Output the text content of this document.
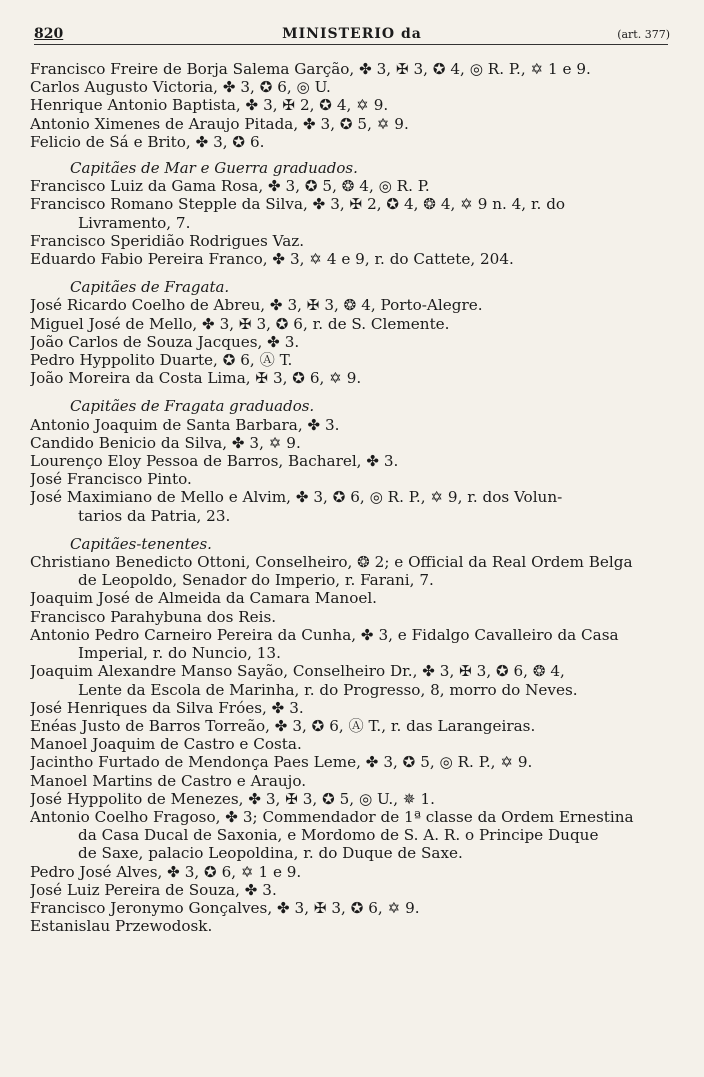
820	MINISTERIO da	(art. 377)
Francisco Freire de Borja Salema Garção, ✤ 3, ✠ 3, ✪ 4, ◎ R. P., ✡ 1 e 9.
Carlos Augusto Victoria, ✤ 3, ✪ 6, ◎ U.
Henrique Antonio Baptista, ✤ 3, ✠ 2, ✪ 4, ✡ 9.
Antonio Ximenes de Araujo Pitada, ✤ 3, ✪ 5, ✡ 9.
Felicio de Sá e Brito, ✤ 3, ✪ 6.
Capitães de Mar e Guerra graduados.
Francisco Luiz da Gama Rosa, ✤ 3, ✪ 5, ❂ 4, ◎ R. P.
Francisco Romano Stepple da Silva, ✤ 3, ✠ 2, ✪ 4, ❂ 4, ✡ 9 n. 4, r. do
Livramento, 7.
Francisco Speridião Rodrigues Vaz.
Eduardo Fabio Pereira Franco, ✤ 3, ✡ 4 e 9, r. do Cattete, 204.
Capitães de Fragata.
José Ricardo Coelho de Abreu, ✤ 3, ✠ 3, ❂ 4, Porto-Alegre.
Miguel José de Mello, ✤ 3, ✠ 3, ✪ 6, r. de S. Clemente.
João Carlos de Souza Jacques, ✤ 3.
Pedro Hyppolito Duarte, ✪ 6, Ⓐ T.
João Moreira da Costa Lima, ✠ 3, ✪ 6, ✡ 9.
Capitães de Fragata graduados.
Antonio Joaquim de Santa Barbara, ✤ 3.
Candido Benicio da Silva, ✤ 3, ✡ 9.
Lourenço Eloy Pessoa de Barros, Bacharel, ✤ 3.
José Francisco Pinto.
José Maximiano de Mello e Alvim, ✤ 3, ✪ 6, ◎ R. P., ✡ 9, r. dos Volun-
tarios da Patria, 23.
Capitães-tenentes.
Christiano Benedicto Ottoni, Conselheiro, ❂ 2; e Official da Real Ordem Belga
de Leopoldo, Senador do Imperio, r. Farani, 7.
Joaquim José de Almeida da Camara Manoel.
Francisco Parahybuna dos Reis.
Antonio Pedro Carneiro Pereira da Cunha, ✤ 3, e Fidalgo Cavalleiro da Casa
Imperial, r. do Nuncio, 13.
Joaquim Alexandre Manso Sayão, Conselheiro Dr., ✤ 3, ✠ 3, ✪ 6, ❂ 4,
Lente da Escola de Marinha, r. do Progresso, 8, morro do Neves.
José Henriques da Silva Fróes, ✤ 3.
Enéas Justo de Barros Torreão, ✤ 3, ✪ 6, Ⓐ T., r. das Larangeiras.
Manoel Joaquim de Castro e Costa.
Jacintho Furtado de Mendonça Paes Leme, ✤ 3, ✪ 5, ◎ R. P., ✡ 9.
Manoel Martins de Castro e Araujo.
José Hyppolito de Menezes, ✤ 3, ✠ 3, ✪ 5, ◎ U., ✵ 1.
Antonio Coelho Fragoso, ✤ 3; Commendador de 1ª classe da Ordem Ernestina
da Casa Ducal de Saxonia, e Mordomo de S. A. R. o Principe Duque
de Saxe, palacio Leopoldina, r. do Duque de Saxe.
Pedro José Alves, ✤ 3, ✪ 6, ✡ 1 e 9.
José Luiz Pereira de Souza, ✤ 3.
Francisco Jeronymo Gonçalves, ✤ 3, ✠ 3, ✪ 6, ✡ 9.
Estanislau Przewodosk.
